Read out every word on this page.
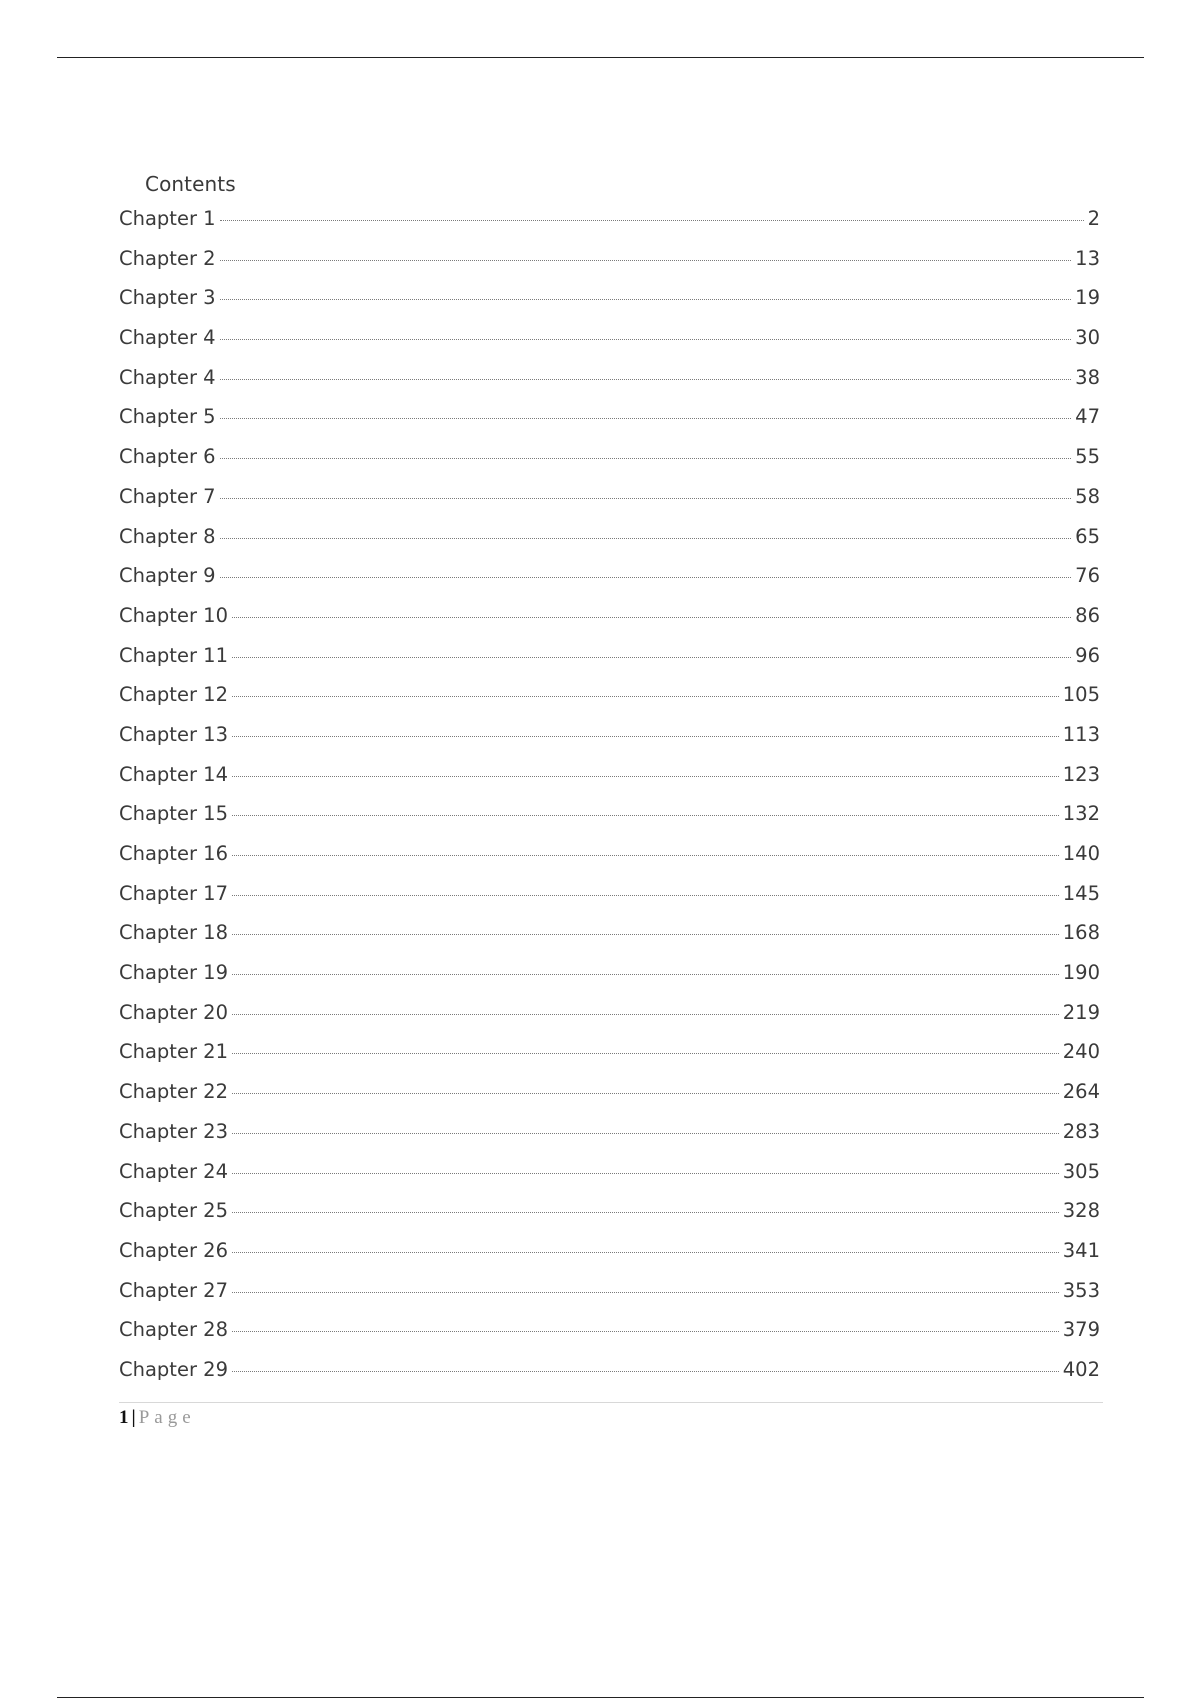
Contents
Chapter 1	2
Chapter 2	13
Chapter 3	19
Chapter 4	30
Chapter 4	38
Chapter 5	47
Chapter 6	55
Chapter 7	58
Chapter 8	65
Chapter 9	76
Chapter 10	86
Chapter 11	96
Chapter 12	105
Chapter 13	113
Chapter 14	123
Chapter 15	132
Chapter 16	140
Chapter 17	145
Chapter 18	168
Chapter 19	190
Chapter 20	219
Chapter 21	240
Chapter 22	264
Chapter 23	283
Chapter 24	305
Chapter 25	328
Chapter 26	341
Chapter 27	353
Chapter 28	379
Chapter 29	402
1 | Page
